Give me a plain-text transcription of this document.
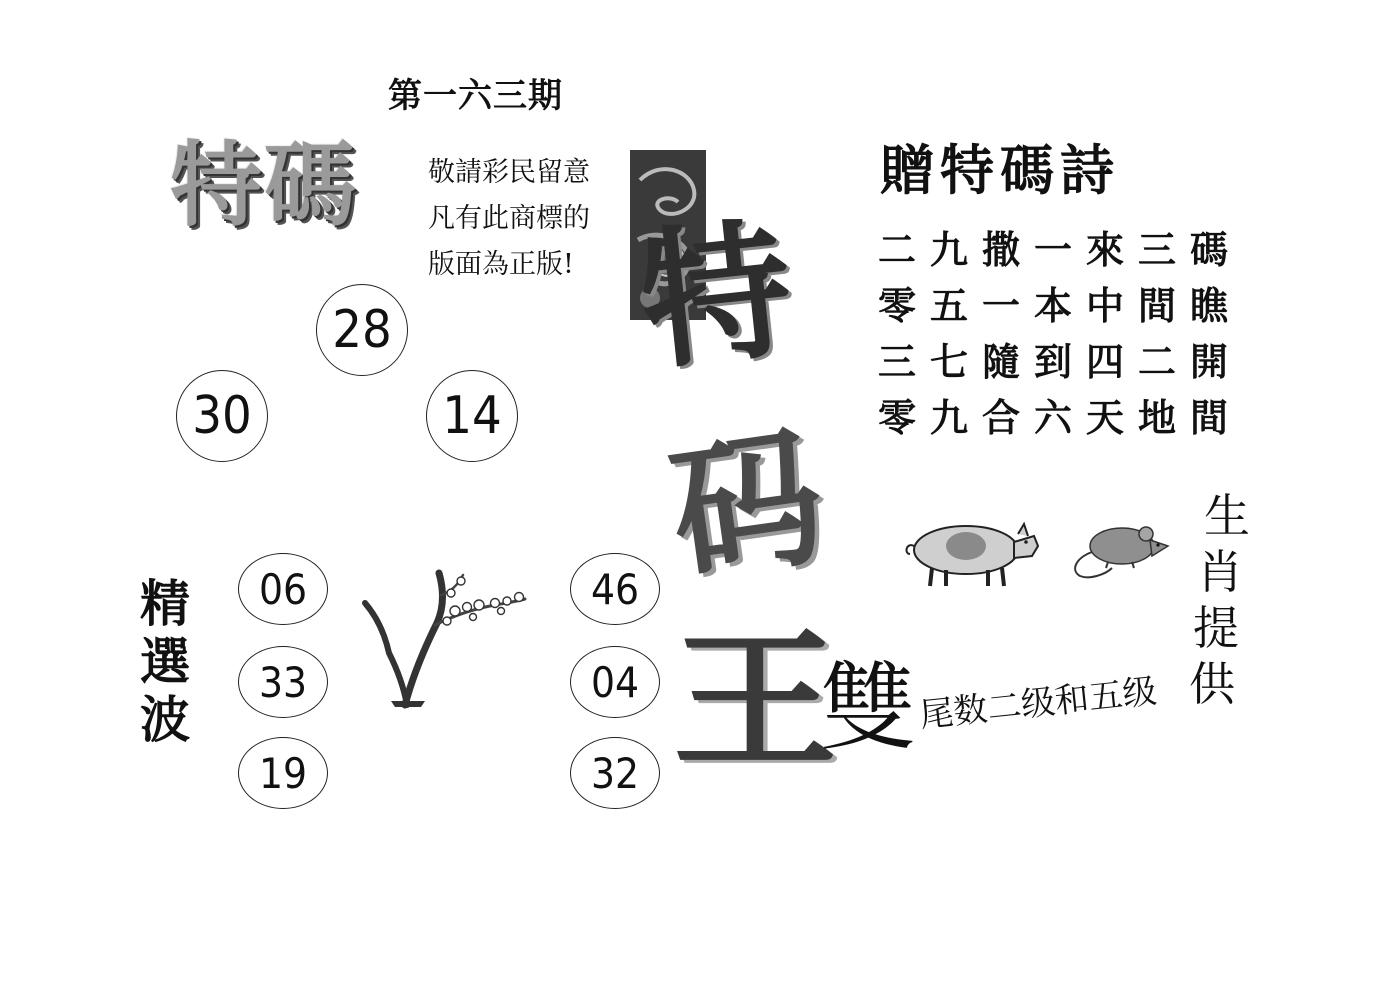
第一六三期
特碼	敬請彩民留意
凡有此商標的
版面為正版!
28
30	14
精選波
06
33
19
46
04
32
特
码
王
贈特碼詩
二九撒一來三碼
零五一本中間瞧
三七隨到四二開
零九合六天地間
生
肖
提
供
雙 尾数二级和五级
